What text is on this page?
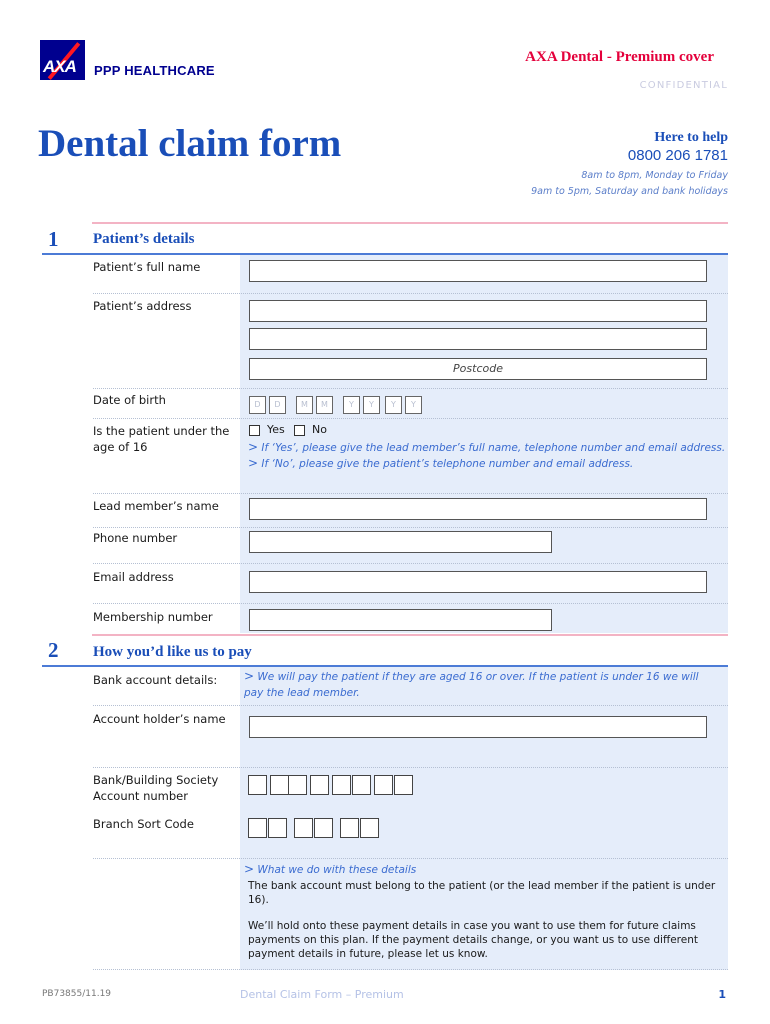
AXA PPP HEALTHCARE
AXA Dental - Premium cover
CONFIDENTIAL
Dental claim form	Here to help
0800 206 1781
8am to 8pm, Monday to Friday
9am to 5pm, Saturday and bank holidays
1 Patient’s details
Patient’s full name
Patient’s address
Postcode
Date of birth	D	D	M	M	Y	Y	Y	Y
Is the patient under the age of 16
Yes No
> If ‘Yes’, please give the lead member’s full name, telephone number and email address.
> If ‘No’, please give the patient’s telephone number and email address.
Lead member’s name
Phone number
Email address
Membership number
2 How you’d like us to pay
Bank account details: > We will pay the patient if they are aged 16 or over. If the patient is under 16 we will pay the lead member.
Account holder’s name
Bank/Building Society Account number
Branch Sort Code
> What we do with these details
The bank account must belong to the patient (or the lead member if the patient is under 16).
We’ll hold onto these payment details in case you want to use them for future claims payments on this plan. If the payment details change, or you want us to use different payment details in future, please let us know.
PB73855/11.19	Dental Claim Form – Premium	1
